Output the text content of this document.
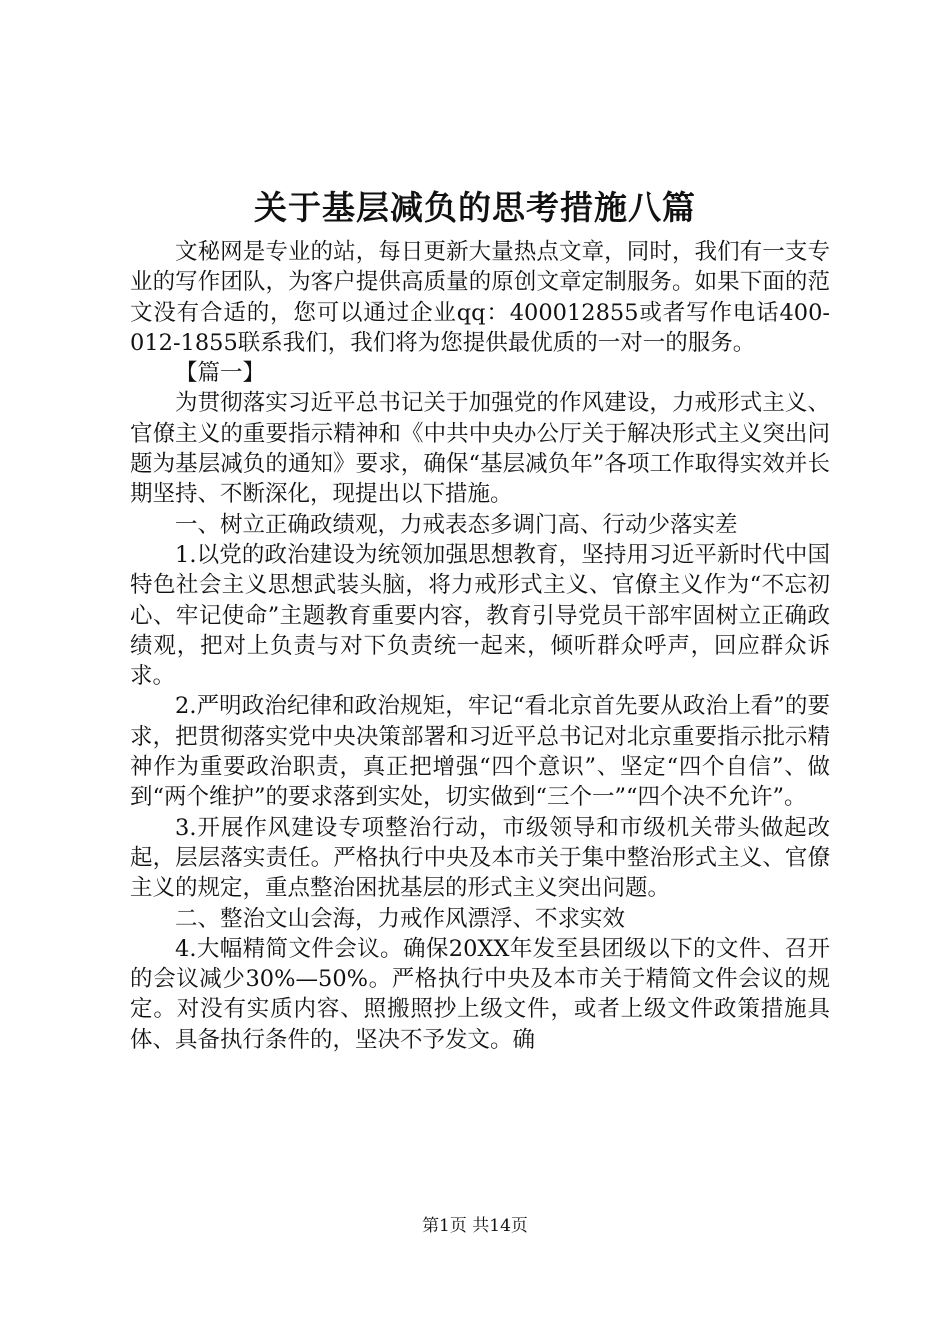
关于基层减负的思考措施八篇

文秘网是专业的站，每日更新大量热点文章，同时，我们有一支专业的写作团队，为客户提供高质量的原创文章定制服务。如果下面的范文没有合适的，您可以通过企业qq：400012855或者写作电话400-012-1855联系我们，我们将为您提供最优质的一对一的服务。

【篇一】

为贯彻落实习近平总书记关于加强党的作风建设，力戒形式主义、官僚主义的重要指示精神和《中共中央办公厅关于解决形式主义突出问题为基层减负的通知》要求，确保“基层减负年”各项工作取得实效并长期坚持、不断深化，现提出以下措施。

一、树立正确政绩观，力戒表态多调门高、行动少落实差

1.以党的政治建设为统领加强思想教育，坚持用习近平新时代中国特色社会主义思想武装头脑，将力戒形式主义、官僚主义作为“不忘初心、牢记使命”主题教育重要内容，教育引导党员干部牢固树立正确政绩观，把对上负责与对下负责统一起来，倾听群众呼声，回应群众诉求。

2.严明政治纪律和政治规矩，牢记“看北京首先要从政治上看”的要求，把贯彻落实党中央决策部署和习近平总书记对北京重要指示批示精神作为重要政治职责，真正把增强“四个意识”、坚定“四个自信”、做到“两个维护”的要求落到实处，切实做到“三个一”“四个决不允许”。

3.开展作风建设专项整治行动，市级领导和市级机关带头做起改起，层层落实责任。严格执行中央及本市关于集中整治形式主义、官僚主义的规定，重点整治困扰基层的形式主义突出问题。

二、整治文山会海，力戒作风漂浮、不求实效

4.大幅精简文件会议。确保20XX年发至县团级以下的文件、召开的会议减少30%—50%。严格执行中央及本市关于精简文件会议的规定。对没有实质内容、照搬照抄上级文件，或者上级文件政策措施具体、具备执行条件的，坚决不予发文。确

第1页 共14页
